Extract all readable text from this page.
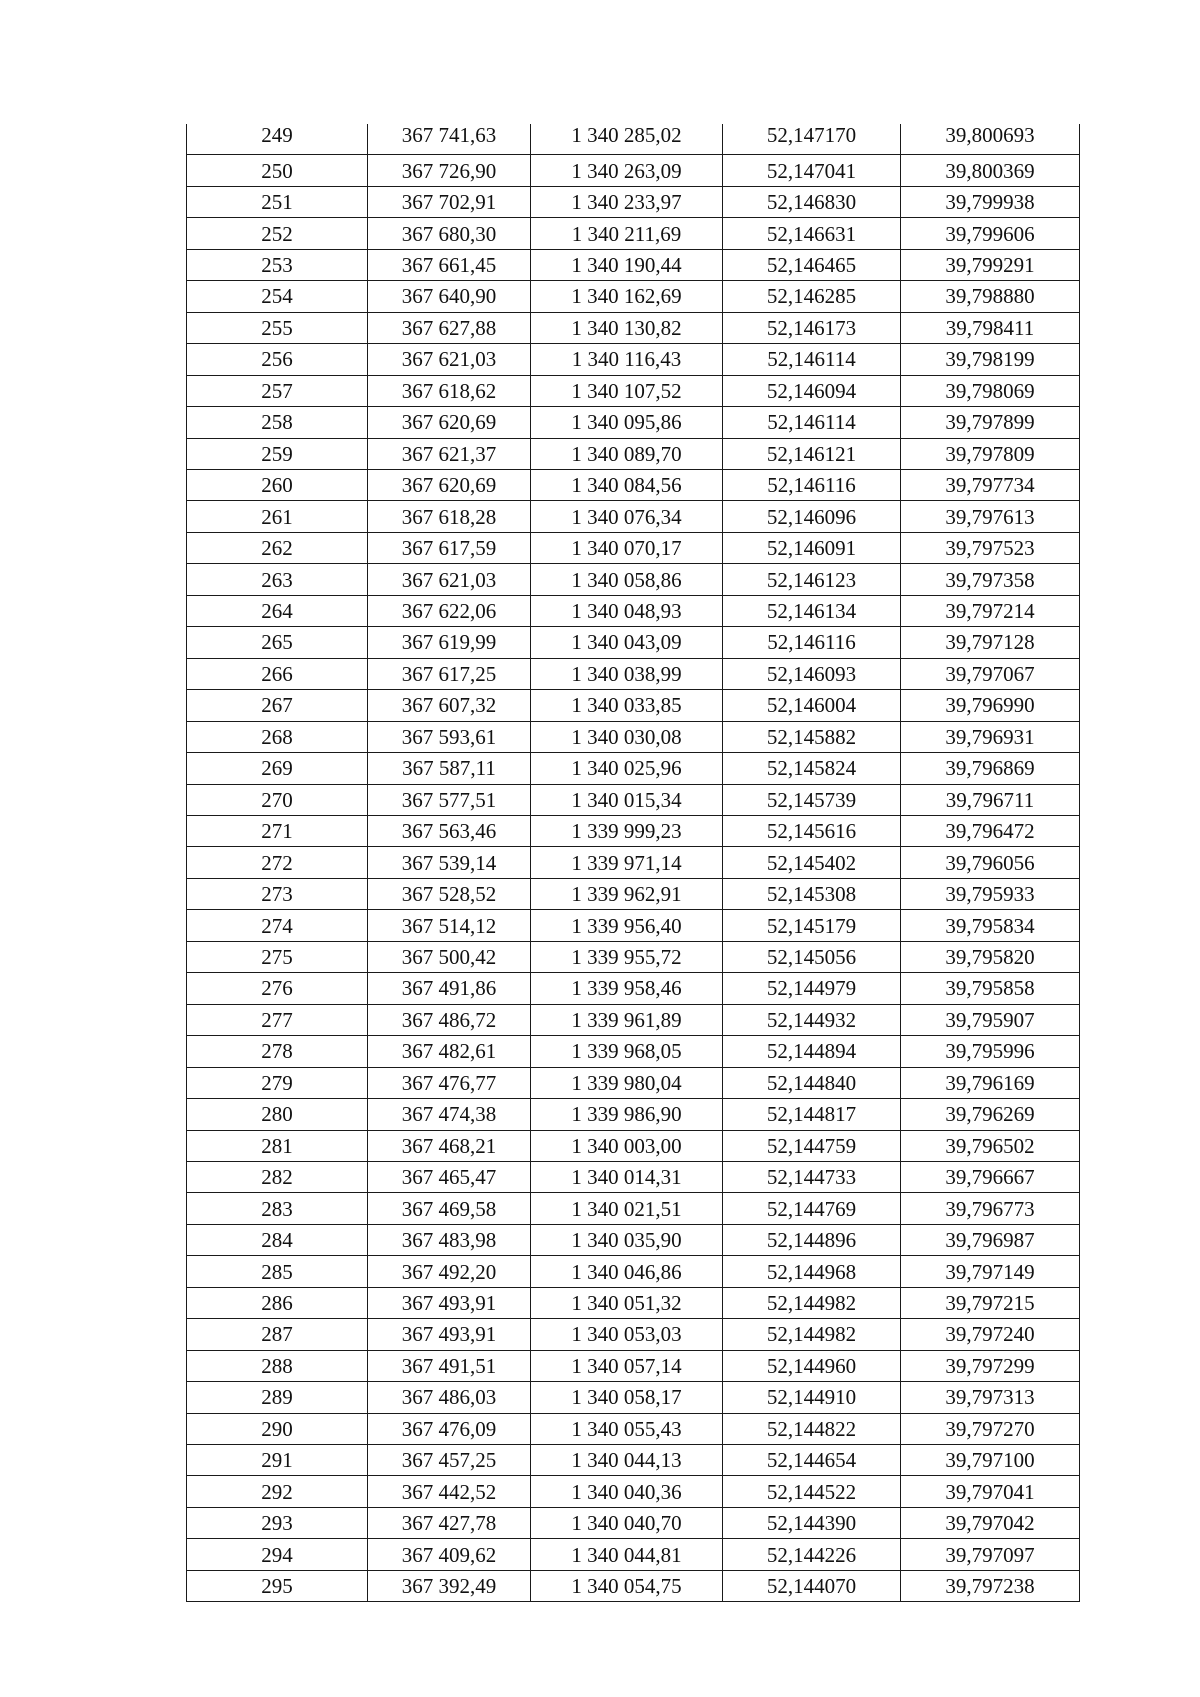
249	367 741,63	1 340 285,02	52,147170	39,800693
250	367 726,90	1 340 263,09	52,147041	39,800369
251	367 702,91	1 340 233,97	52,146830	39,799938
252	367 680,30	1 340 211,69	52,146631	39,799606
253	367 661,45	1 340 190,44	52,146465	39,799291
254	367 640,90	1 340 162,69	52,146285	39,798880
255	367 627,88	1 340 130,82	52,146173	39,798411
256	367 621,03	1 340 116,43	52,146114	39,798199
257	367 618,62	1 340 107,52	52,146094	39,798069
258	367 620,69	1 340 095,86	52,146114	39,797899
259	367 621,37	1 340 089,70	52,146121	39,797809
260	367 620,69	1 340 084,56	52,146116	39,797734
261	367 618,28	1 340 076,34	52,146096	39,797613
262	367 617,59	1 340 070,17	52,146091	39,797523
263	367 621,03	1 340 058,86	52,146123	39,797358
264	367 622,06	1 340 048,93	52,146134	39,797214
265	367 619,99	1 340 043,09	52,146116	39,797128
266	367 617,25	1 340 038,99	52,146093	39,797067
267	367 607,32	1 340 033,85	52,146004	39,796990
268	367 593,61	1 340 030,08	52,145882	39,796931
269	367 587,11	1 340 025,96	52,145824	39,796869
270	367 577,51	1 340 015,34	52,145739	39,796711
271	367 563,46	1 339 999,23	52,145616	39,796472
272	367 539,14	1 339 971,14	52,145402	39,796056
273	367 528,52	1 339 962,91	52,145308	39,795933
274	367 514,12	1 339 956,40	52,145179	39,795834
275	367 500,42	1 339 955,72	52,145056	39,795820
276	367 491,86	1 339 958,46	52,144979	39,795858
277	367 486,72	1 339 961,89	52,144932	39,795907
278	367 482,61	1 339 968,05	52,144894	39,795996
279	367 476,77	1 339 980,04	52,144840	39,796169
280	367 474,38	1 339 986,90	52,144817	39,796269
281	367 468,21	1 340 003,00	52,144759	39,796502
282	367 465,47	1 340 014,31	52,144733	39,796667
283	367 469,58	1 340 021,51	52,144769	39,796773
284	367 483,98	1 340 035,90	52,144896	39,796987
285	367 492,20	1 340 046,86	52,144968	39,797149
286	367 493,91	1 340 051,32	52,144982	39,797215
287	367 493,91	1 340 053,03	52,144982	39,797240
288	367 491,51	1 340 057,14	52,144960	39,797299
289	367 486,03	1 340 058,17	52,144910	39,797313
290	367 476,09	1 340 055,43	52,144822	39,797270
291	367 457,25	1 340 044,13	52,144654	39,797100
292	367 442,52	1 340 040,36	52,144522	39,797041
293	367 427,78	1 340 040,70	52,144390	39,797042
294	367 409,62	1 340 044,81	52,144226	39,797097
295	367 392,49	1 340 054,75	52,144070	39,797238
